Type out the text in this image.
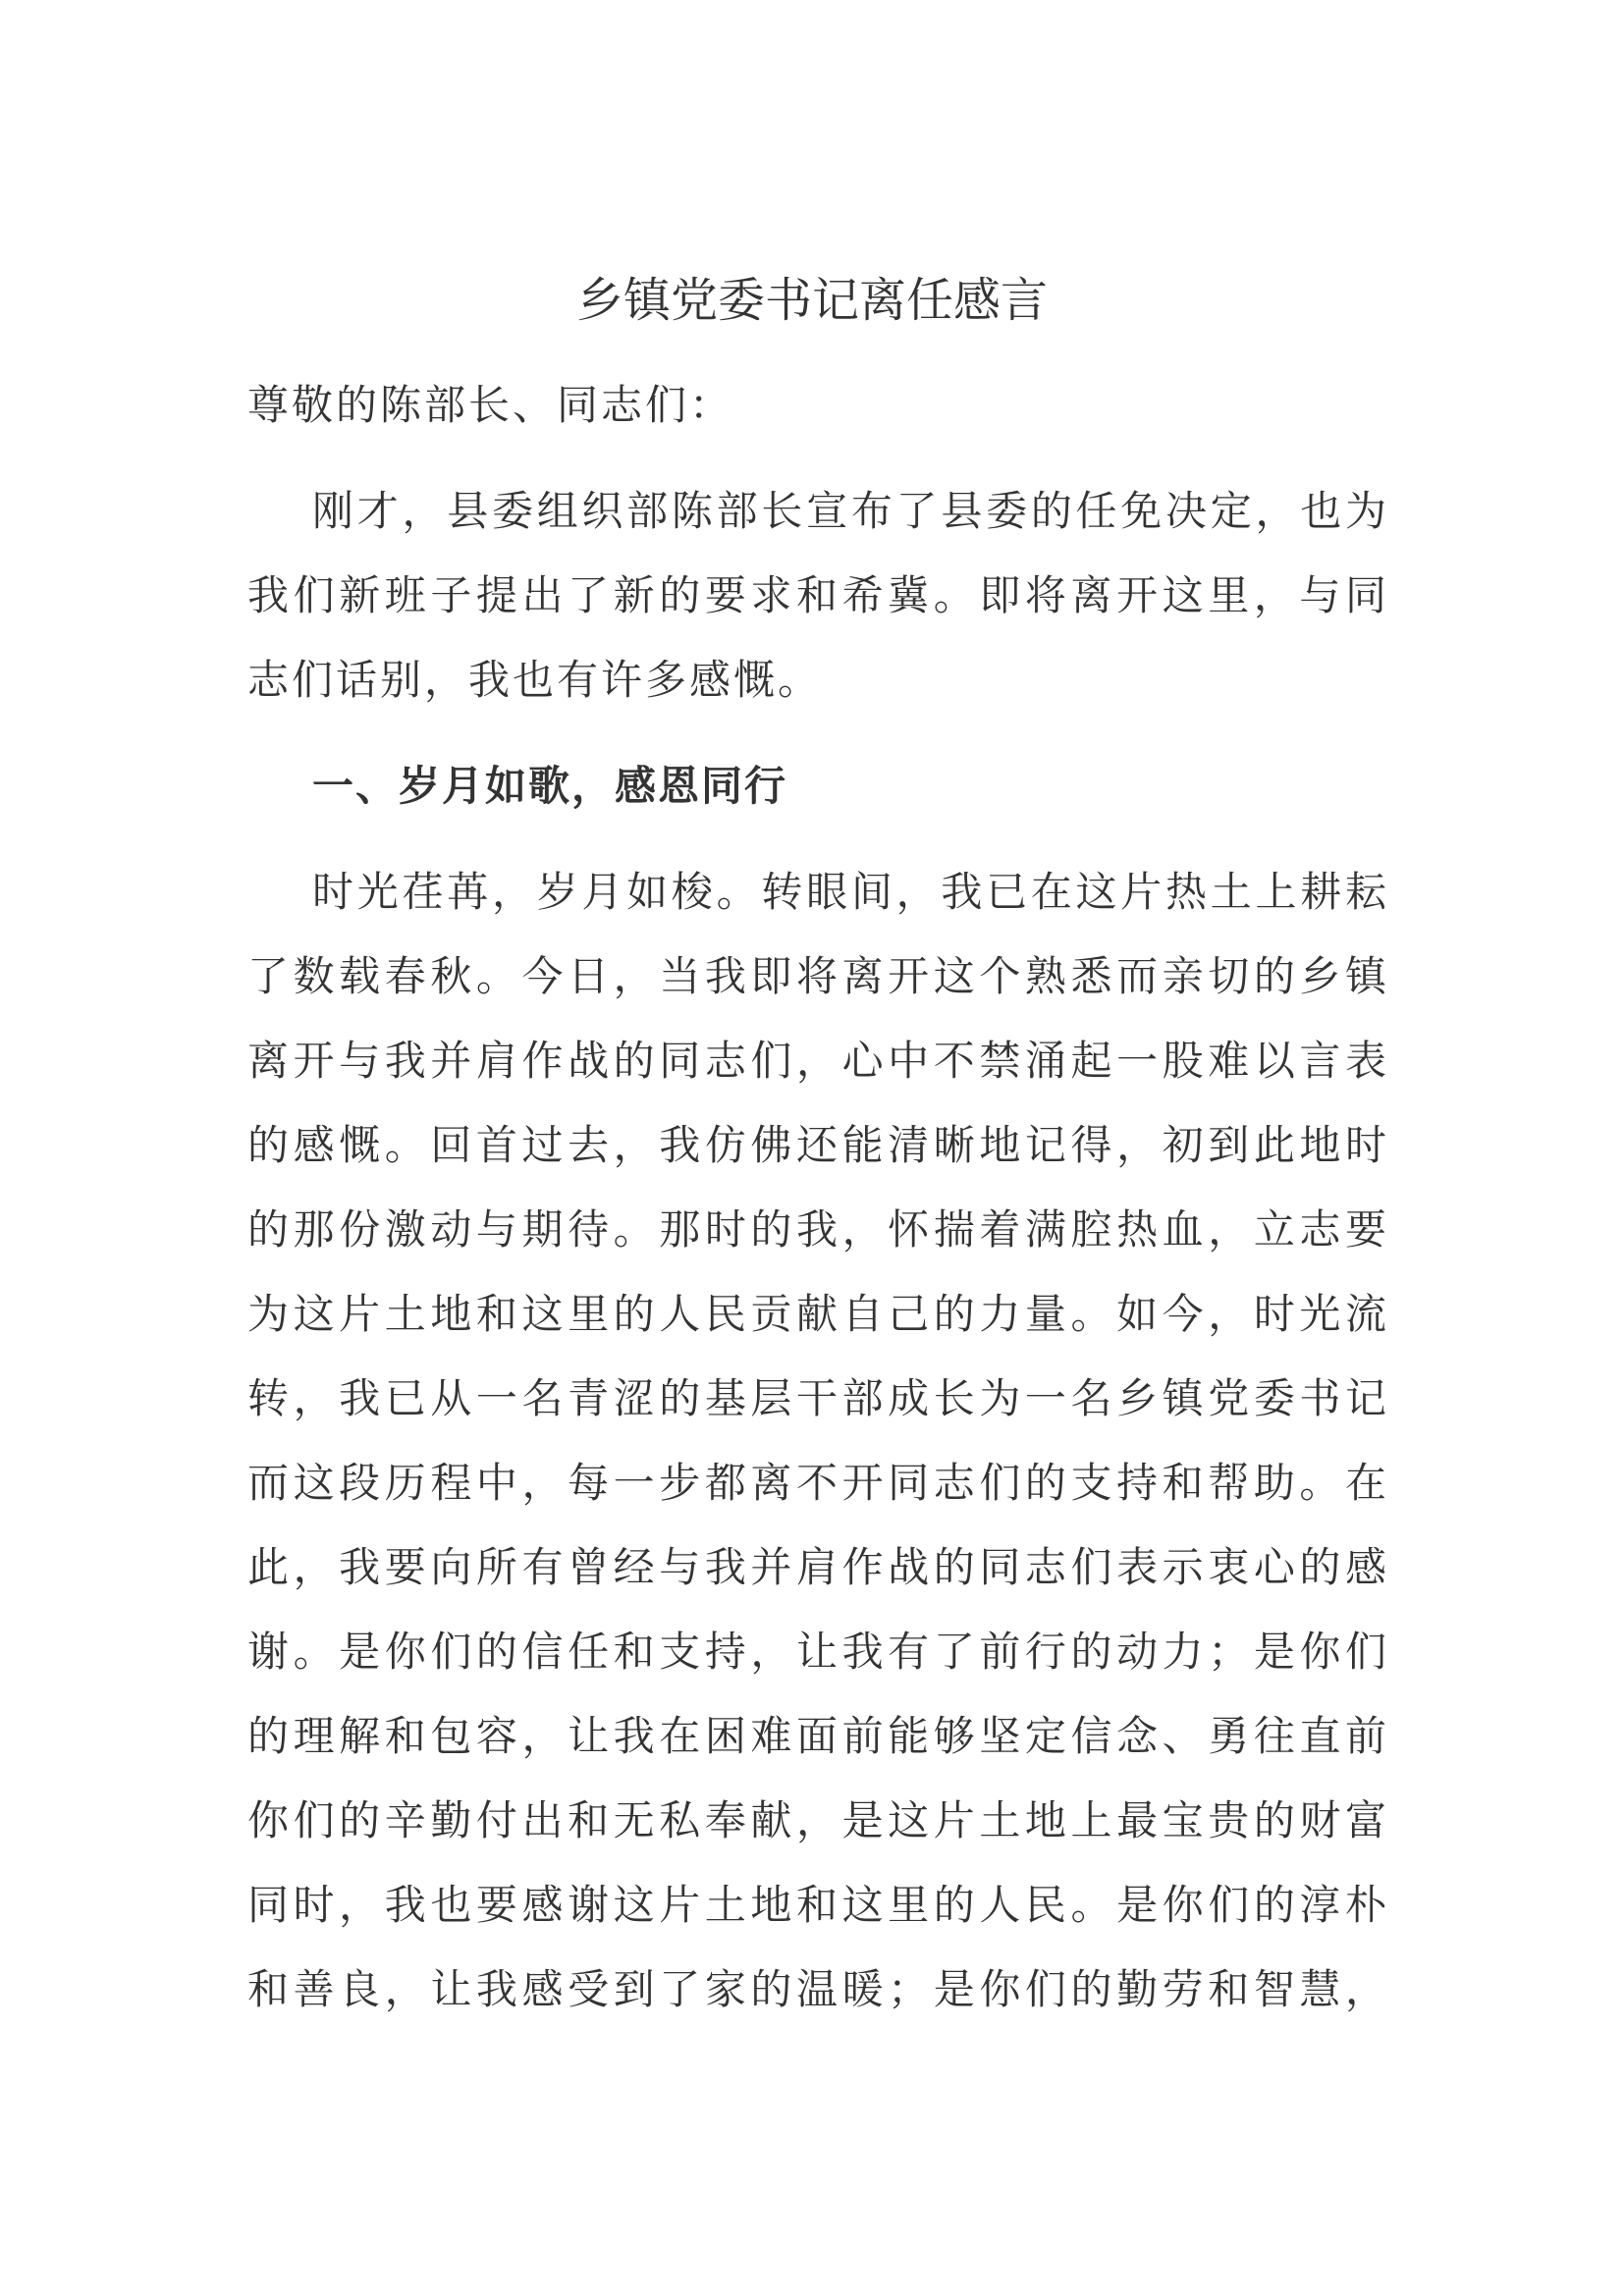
乡镇党委书记离任感言
尊敬的陈部长、同志们：
刚才，县委组织部陈部长宣布了县委的任免决定，也为
我们新班子提出了新的要求和希冀。即将离开这里，与同
志们话别，我也有许多感慨。
一、岁月如歌，感恩同行
时光荏苒，岁月如梭。转眼间，我已在这片热土上耕耘
了数载春秋。今日，当我即将离开这个熟悉而亲切的乡镇
离开与我并肩作战的同志们，心中不禁涌起一股难以言表
的感慨。回首过去，我仿佛还能清晰地记得，初到此地时
的那份激动与期待。那时的我，怀揣着满腔热血，立志要
为这片土地和这里的人民贡献自己的力量。如今，时光流
转，我已从一名青涩的基层干部成长为一名乡镇党委书记
而这段历程中，每一步都离不开同志们的支持和帮助。在
此，我要向所有曾经与我并肩作战的同志们表示衷心的感
谢。是你们的信任和支持，让我有了前行的动力；是你们
的理解和包容，让我在困难面前能够坚定信念、勇往直前
你们的辛勤付出和无私奉献，是这片土地上最宝贵的财富
同时，我也要感谢这片土地和这里的人民。是你们的淳朴
和善良，让我感受到了家的温暖；是你们的勤劳和智慧，
